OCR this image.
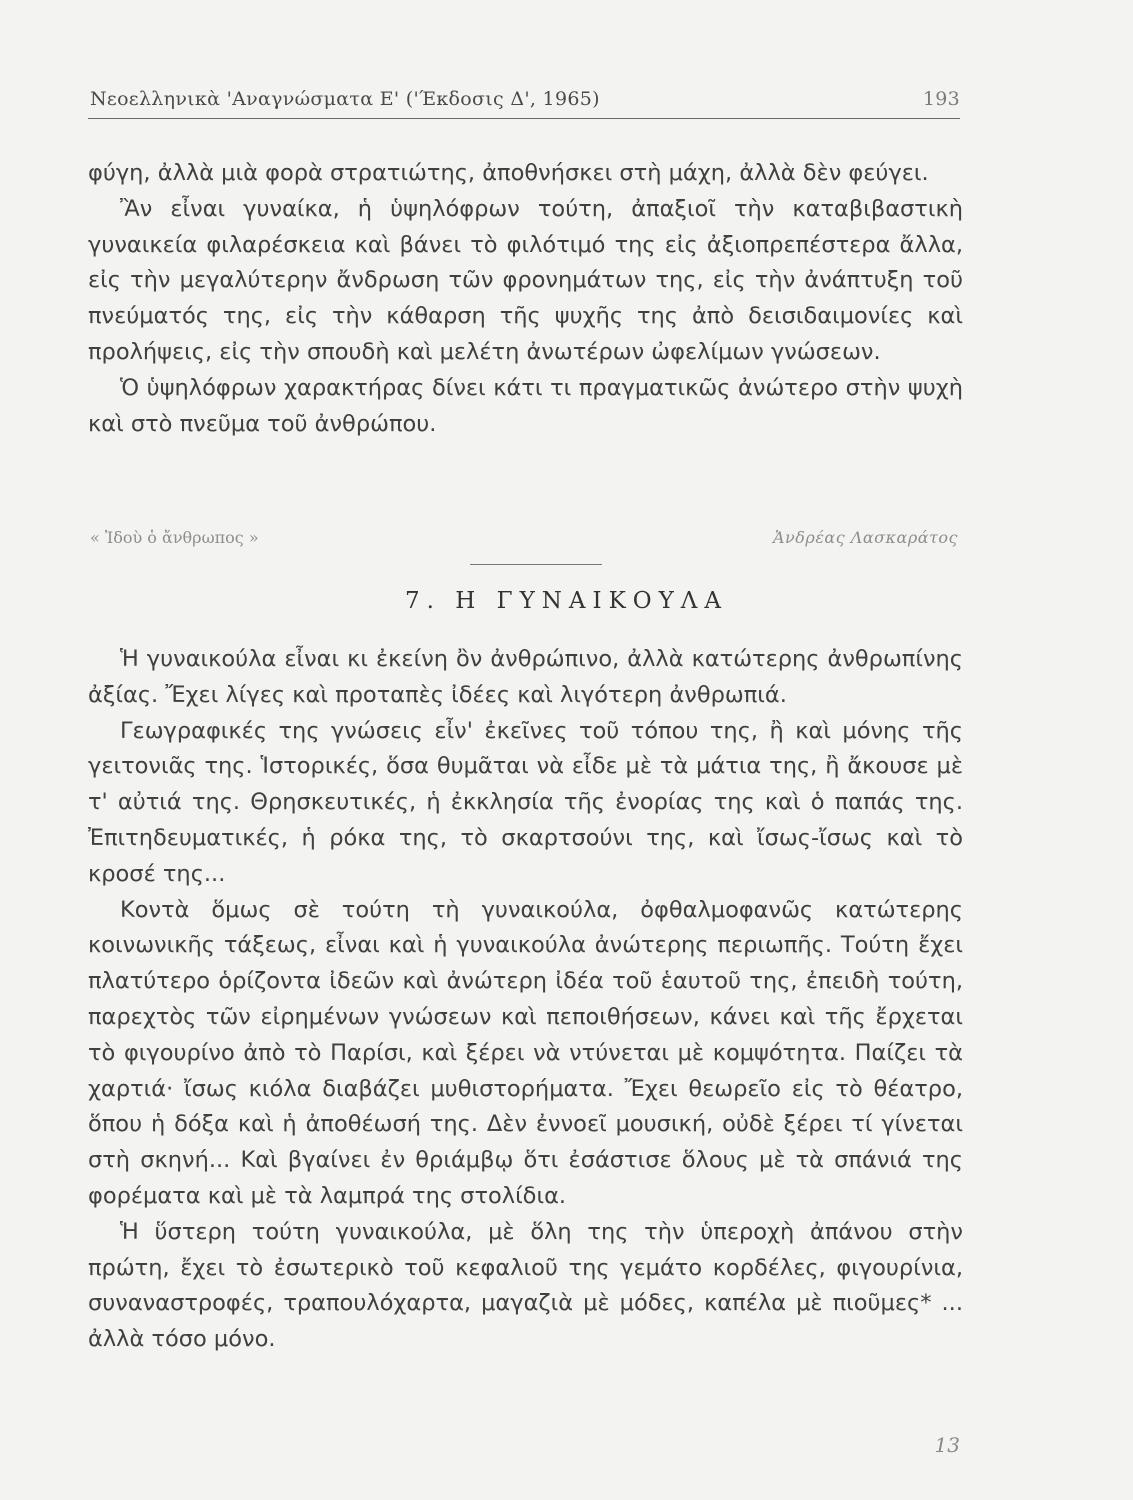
Νεοελληνικὰ 'Αναγνώσματα Ε' ('Έκδοσις Δ', 1965)	193

φύγη, ἀλλὰ μιὰ φορὰ στρατιώτης, ἀποθνήσκει στὴ μάχη, ἀλλὰ δὲν φεύγει.

Ἂν εἶναι γυναίκα, ἡ ὑψηλόφρων τούτη, ἀπαξιοῖ τὴν καταβιβαστικὴ γυναικεία φιλαρέσκεια καὶ βάνει τὸ φιλότιμό της εἰς ἀξιοπρεπέστερα ἄλλα, εἰς τὴν μεγαλύτερην ἄνδρωση τῶν φρονημάτων της, εἰς τὴν ἀνάπτυξη τοῦ πνεύματός της, εἰς τὴν κάθαρση τῆς ψυχῆς της ἀπὸ δεισιδαιμονίες καὶ προλήψεις, εἰς τὴν σπουδὴ καὶ μελέτη ἀνωτέρων ὠφελίμων γνώσεων.

Ὁ ὑψηλόφρων χαρακτήρας δίνει κάτι τι πραγματικῶς ἀνώτερο στὴν ψυχὴ καὶ στὸ πνεῦμα τοῦ ἀνθρώπου.

« Ἰδοὺ ὁ ἄνθρωπος »	Ἀνδρέας Λασκαράτος
7. Η ΓΥΝΑΙΚΟΥΛΑ

Ἡ γυναικούλα εἶναι κι ἐκείνη ὂν ἀνθρώπινο, ἀλλὰ κατώτερης ἀνθρωπίνης ἀξίας. Ἔχει λίγες καὶ πρoταπὲς ἰδέες καὶ λιγότερη ἀνθρωπιά.

Γεωγραφικές της γνώσεις εἶν' ἐκεῖνες τοῦ τόπου της, ἢ καὶ μόνης τῆς γειτονιᾶς της. Ἱστορικές, ὅσα θυμᾶται νὰ εἶδε μὲ τὰ μάτια της, ἢ ἄκουσε μὲ τ' αὐτιά της. Θρησκευτικές, ἡ ἐκκλησία τῆς ἐνορίας της καὶ ὁ παπάς της. Ἐπιτηδευματικές, ἡ ρόκα της, τὸ σκαρτσούνι της, καὶ ἴσως-ἴσως καὶ τὸ κροσέ της...

Κοντὰ ὅμως σὲ τούτη τὴ γυναικούλα, ὀφθαλμοφανῶς κατώτερης κοινωνικῆς τάξεως, εἶναι καὶ ἡ γυναικούλα ἀνώτερης περιωπῆς. Τούτη ἔχει πλατύτερο ὁρίζοντα ἰδεῶν καὶ ἀνώτερη ἰδέα τοῦ ἑαυτοῦ της, ἐπειδὴ τούτη, παρεχτὸς τῶν εἰρημένων γνώσεων καὶ πεποιθήσεων, κάνει καὶ τῆς ἔρχεται τὸ φιγουρίνο ἀπὸ τὸ Παρίσι, καὶ ξέρει νὰ ντύνεται μὲ κομψότητα. Παίζει τὰ χαρτιά· ἴσως κιόλα διαβάζει μυθιστορήματα. Ἔχει θεωρεῖο εἰς τὸ θέατρο, ὅπου ἡ δόξα καὶ ἡ ἀποθέωσή της. Δὲν ἐννοεῖ μουσική, οὐδὲ ξέρει τί γίνεται στὴ σκηνή... Καὶ βγαίνει ἐν θριάμβῳ ὅτι ἐσάστισε ὅλους μὲ τὰ σπάνιά της φορέματα καὶ μὲ τὰ λαμπρά της στολίδια.

Ἡ ὕστερη τούτη γυναικούλα, μὲ ὅλη της τὴν ὑπεροχὴ ἀπάνου στὴν πρώτη, ἔχει τὸ ἐσωτερικὸ τοῦ κεφαλιοῦ της γεμάτο κορδέλες, φιγουρίνια, συναναστροφές, τραπουλόχαρτα, μαγαζιὰ μὲ μόδες, καπέλα μὲ πιοῦμες* ... ἀλλὰ τόσο μόνο.

13
